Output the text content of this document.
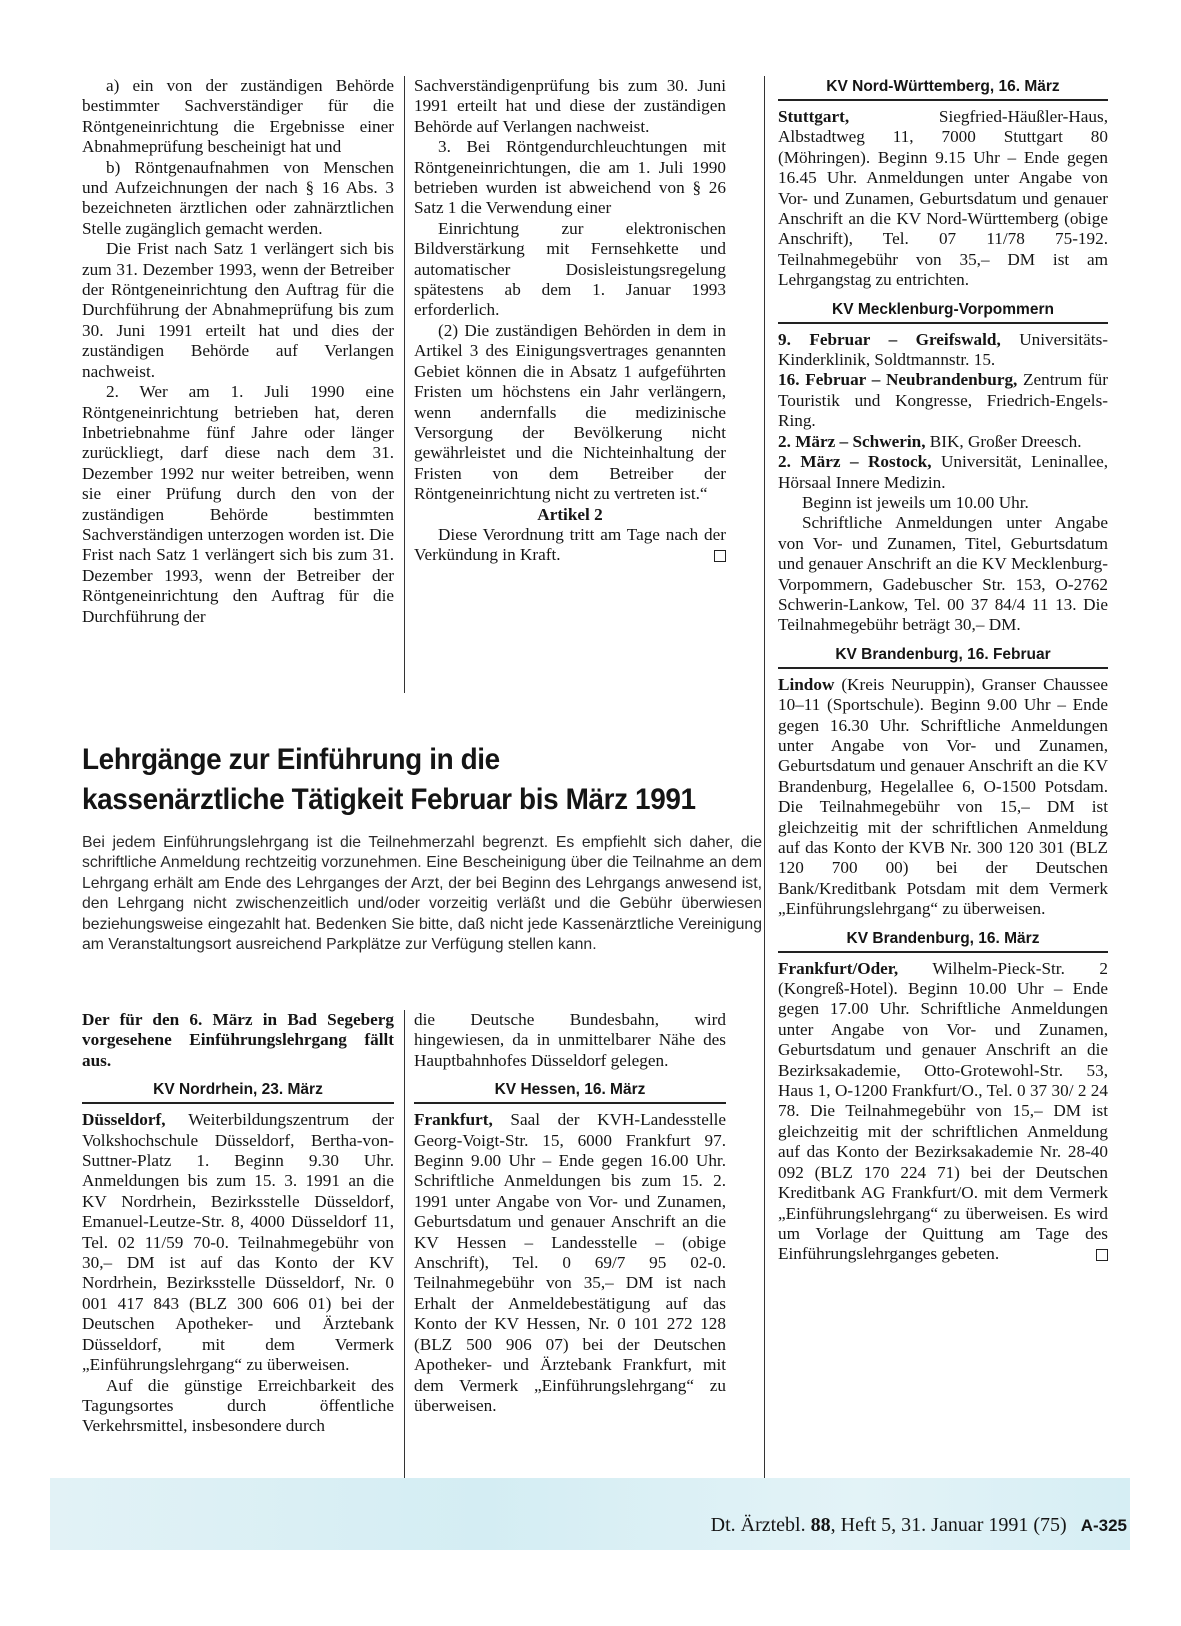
a) ein von der zuständigen Behörde bestimmter Sachverständiger für die Röntgeneinrichtung die Ergebnisse einer Abnahmeprüfung bescheinigt hat und

b) Röntgenaufnahmen von Menschen und Aufzeichnungen der nach § 16 Abs. 3 bezeichneten ärztlichen oder zahnärztlichen Stelle zugänglich gemacht werden.

Die Frist nach Satz 1 verlängert sich bis zum 31. Dezember 1993, wenn der Betreiber der Röntgeneinrichtung den Auftrag für die Durchführung der Abnahmeprüfung bis zum 30. Juni 1991 erteilt hat und dies der zuständigen Behörde auf Verlangen nachweist.

2. Wer am 1. Juli 1990 eine Röntgeneinrichtung betrieben hat, deren Inbetriebnahme fünf Jahre oder länger zurückliegt, darf diese nach dem 31. Dezember 1992 nur weiter betreiben, wenn sie einer Prüfung durch den von der zuständigen Behörde bestimmten Sachverständigen unterzogen worden ist. Die Frist nach Satz 1 verlängert sich bis zum 31. Dezember 1993, wenn der Betreiber der Röntgeneinrichtung den Auftrag für die Durchführung der

Sachverständigenprüfung bis zum 30. Juni 1991 erteilt hat und diese der zuständigen Behörde auf Verlangen nachweist.

3. Bei Röntgendurchleuchtungen mit Röntgeneinrichtungen, die am 1. Juli 1990 betrieben wurden ist abweichend von § 26 Satz 1 die Verwendung einer

Einrichtung zur elektronischen Bildverstärkung mit Fernsehkette und automatischer Dosisleistungsregelung spätestens ab dem 1. Januar 1993 erforderlich.

(2) Die zuständigen Behörden in dem in Artikel 3 des Einigungsvertrages genannten Gebiet können die in Absatz 1 aufgeführten Fristen um höchstens ein Jahr verlängern, wenn andernfalls die medizinische Versorgung der Bevölkerung nicht gewährleistet und die Nichteinhaltung der Fristen von dem Betreiber der Röntgeneinrichtung nicht zu vertreten ist.“

Artikel 2

Diese Verordnung tritt am Tage nach der Verkündung in Kraft.

Lehrgänge zur Einführung in die
kassenärztliche Tätigkeit Februar bis März 1991
Bei jedem Einführungslehrgang ist die Teilnehmerzahl begrenzt. Es empfiehlt sich daher, die schriftliche Anmeldung rechtzeitig vorzunehmen. Eine Bescheinigung über die Teilnahme an dem Lehrgang erhält am Ende des Lehrganges der Arzt, der bei Beginn des Lehrgangs anwesend ist, den Lehrgang nicht zwischenzeitlich und/oder vorzeitig verläßt und die Gebühr überwiesen beziehungsweise eingezahlt hat. Bedenken Sie bitte, daß nicht jede Kassenärztliche Vereinigung am Veranstaltungsort ausreichend Parkplätze zur Verfügung stellen kann.

Der für den 6. März in Bad Segeberg vorgesehene Einführungslehrgang fällt aus.

KV Nordrhein, 23. März

Düsseldorf, Weiterbildungszentrum der Volkshochschule Düsseldorf, Bertha-von-Suttner-Platz 1. Beginn 9.30 Uhr. Anmeldungen bis zum 15. 3. 1991 an die KV Nordrhein, Bezirksstelle Düsseldorf, Emanuel-Leutze-Str. 8, 4000 Düsseldorf 11, Tel. 02 11/59 70-0. Teilnahmegebühr von 30,– DM ist auf das Konto der KV Nordrhein, Bezirksstelle Düsseldorf, Nr. 0 001 417 843 (BLZ 300 606 01) bei der Deutschen Apotheker- und Ärztebank Düsseldorf, mit dem Vermerk „Einführungslehrgang“ zu überweisen.

Auf die günstige Erreichbarkeit des Tagungsortes durch öffentliche Verkehrsmittel, insbesondere durch

die Deutsche Bundesbahn, wird hingewiesen, da in unmittelbarer Nähe des Hauptbahnhofes Düsseldorf gelegen.

KV Hessen, 16. März

Frankfurt, Saal der KVH-Landesstelle Georg-Voigt-Str. 15, 6000 Frankfurt 97. Beginn 9.00 Uhr – Ende gegen 16.00 Uhr. Schriftliche Anmeldungen bis zum 15. 2. 1991 unter Angabe von Vor- und Zunamen, Geburtsdatum und genauer Anschrift an die KV Hessen – Landesstelle – (obige Anschrift), Tel. 0 69/7 95 02-0. Teilnahmegebühr von 35,– DM ist nach Erhalt der Anmeldebestätigung auf das Konto der KV Hessen, Nr. 0 101 272 128 (BLZ 500 906 07) bei der Deutschen Apotheker- und Ärztebank Frankfurt, mit dem Vermerk „Einführungslehrgang“ zu überweisen.

KV Nord-Württemberg, 16. März

Stuttgart, Siegfried-Häußler-Haus, Albstadtweg 11, 7000 Stuttgart 80 (Möhringen). Beginn 9.15 Uhr – Ende gegen 16.45 Uhr. Anmeldungen unter Angabe von Vor- und Zunamen, Geburtsdatum und genauer Anschrift an die KV Nord-Württemberg (obige Anschrift), Tel. 07 11/78 75-192. Teilnahmegebühr von 35,– DM ist am Lehrgangstag zu entrichten.

KV Mecklenburg-Vorpommern

9. Februar – Greifswald, Universitäts-Kinderklinik, Soldtmannstr. 15.

16. Februar – Neubrandenburg, Zentrum für Touristik und Kongresse, Friedrich-Engels-Ring.

2. März – Schwerin, BIK, Großer Dreesch.

2. März – Rostock, Universität, Leninallee, Hörsaal Innere Medizin.

Beginn ist jeweils um 10.00 Uhr.

Schriftliche Anmeldungen unter Angabe von Vor- und Zunamen, Titel, Geburtsdatum und genauer Anschrift an die KV Mecklenburg-Vorpommern, Gadebuscher Str. 153, O-2762 Schwerin-Lankow, Tel. 00 37 84/4 11 13. Die Teilnahmegebühr beträgt 30,– DM.

KV Brandenburg, 16. Februar

Lindow (Kreis Neuruppin), Granser Chaussee 10–11 (Sportschule). Beginn 9.00 Uhr – Ende gegen 16.30 Uhr. Schriftliche Anmeldungen unter Angabe von Vor- und Zunamen, Geburtsdatum und genauer Anschrift an die KV Brandenburg, Hegelallee 6, O-1500 Potsdam. Die Teilnahmegebühr von 15,– DM ist gleichzeitig mit der schriftlichen Anmeldung auf das Konto der KVB Nr. 300 120 301 (BLZ 120 700 00) bei der Deutschen Bank/Kreditbank Potsdam mit dem Vermerk „Einführungslehrgang“ zu überweisen.

KV Brandenburg, 16. März

Frankfurt/Oder, Wilhelm-Pieck-Str. 2 (Kongreß-Hotel). Beginn 10.00 Uhr – Ende gegen 17.00 Uhr. Schriftliche Anmeldungen unter Angabe von Vor- und Zunamen, Geburtsdatum und genauer Anschrift an die Bezirksakademie, Otto-Grotewohl-Str. 53, Haus 1, O-1200 Frankfurt/O., Tel. 0 37 30/ 2 24 78. Die Teilnahmegebühr von 15,– DM ist gleichzeitig mit der schriftlichen Anmeldung auf das Konto der Bezirksakademie Nr. 28-40 092 (BLZ 170 224 71) bei der Deutschen Kreditbank AG Frankfurt/O. mit dem Vermerk „Einführungslehrgang“ zu überweisen. Es wird um Vorlage der Quittung am Tage des Einführungslehrganges gebeten.

Dt. Ärztebl. 88, Heft 5, 31. Januar 1991 (75) A-325
